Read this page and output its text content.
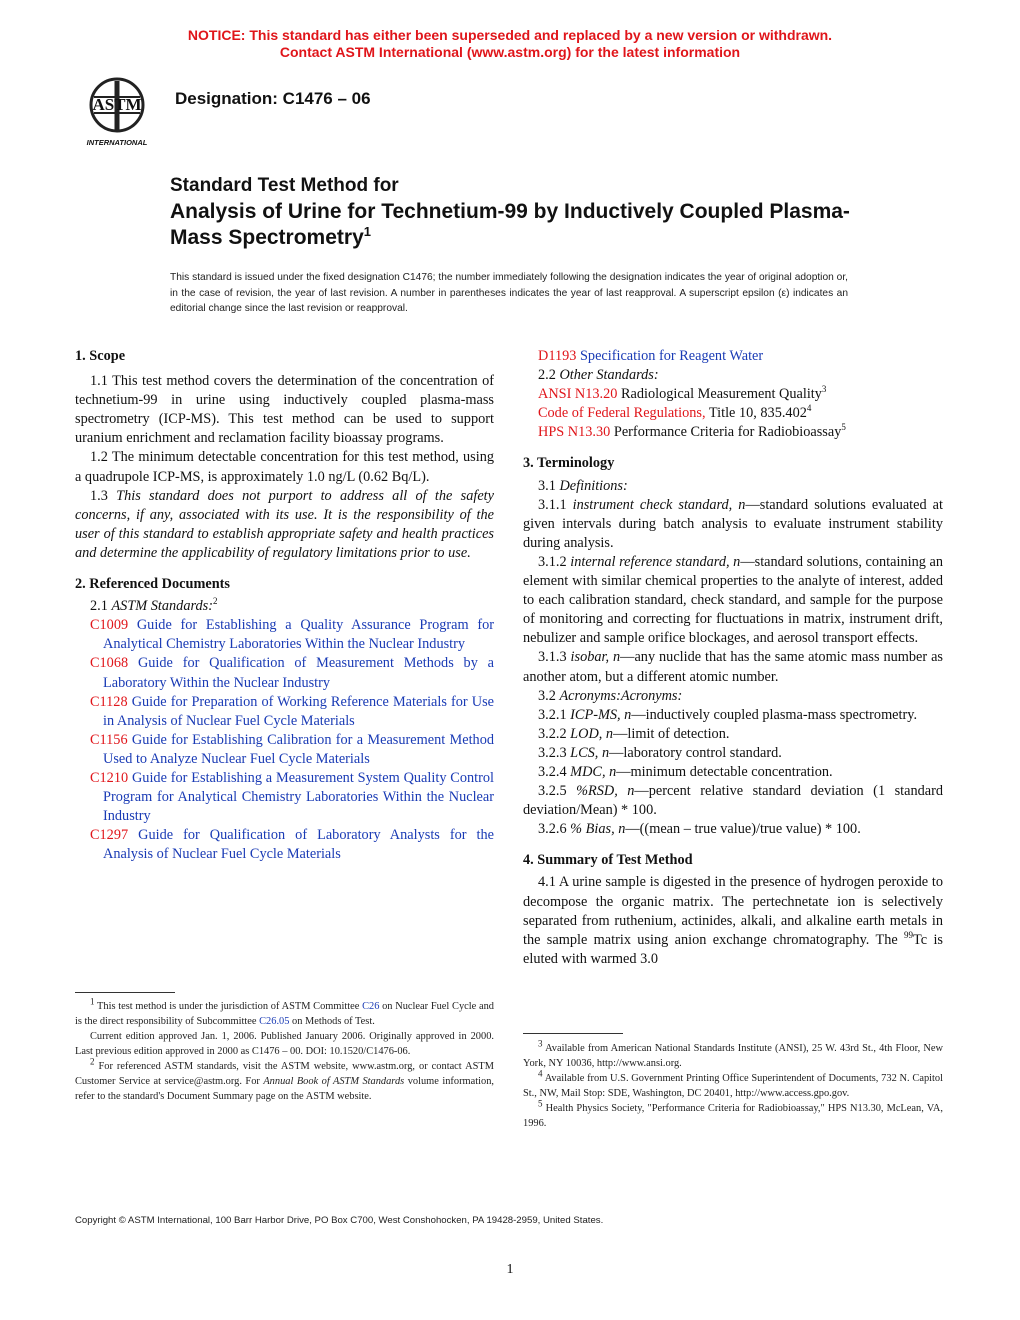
NOTICE: This standard has either been superseded and replaced by a new version or withdrawn.
Contact ASTM International (www.astm.org) for the latest information
ASTM
INTERNATIONAL
Designation: C1476 – 06
Standard Test Method for
Analysis of Urine for Technetium-99 by Inductively Coupled Plasma-Mass Spectrometry$^1$
This standard is issued under the fixed designation C1476; the number immediately following the designation indicates the year of original adoption or, in the case of revision, the year of last revision. A number in parentheses indicates the year of last reapproval. A superscript epsilon (ε) indicates an editorial change since the last revision or reapproval.
1. Scope

1.1 This test method covers the determination of the concentration of technetium-99 in urine using inductively coupled plasma-mass spectrometry (ICP-MS). This test method can be used to support uranium enrichment and reclamation facility bioassay programs.

1.2 The minimum detectable concentration for this test method, using a quadrupole ICP-MS, is approximately 1.0 ng/L (0.62 Bq/L).

1.3 This standard does not purport to address all of the safety concerns, if any, associated with its use. It is the responsibility of the user of this standard to establish appropriate safety and health practices and determine the applicability of regulatory limitations prior to use.

2. Referenced Documents

2.1 ASTM Standards:$^2$

C1009 Guide for Establishing a Quality Assurance Program for Analytical Chemistry Laboratories Within the Nuclear Industry

C1068 Guide for Qualification of Measurement Methods by a Laboratory Within the Nuclear Industry

C1128 Guide for Preparation of Working Reference Materials for Use in Analysis of Nuclear Fuel Cycle Materials

C1156 Guide for Establishing Calibration for a Measurement Method Used to Analyze Nuclear Fuel Cycle Materials

C1210 Guide for Establishing a Measurement System Quality Control Program for Analytical Chemistry Laboratories Within the Nuclear Industry

C1297 Guide for Qualification of Laboratory Analysts for the Analysis of Nuclear Fuel Cycle Materials

$^1$ This test method is under the jurisdiction of ASTM Committee C26 on Nuclear Fuel Cycle and is the direct responsibility of Subcommittee C26.05 on Methods of Test.
Current edition approved Jan. 1, 2006. Published January 2006. Originally approved in 2000. Last previous edition approved in 2000 as C1476 – 00. DOI: 10.1520/C1476-06.
$^2$ For referenced ASTM standards, visit the ASTM website, www.astm.org, or contact ASTM Customer Service at service@astm.org. For Annual Book of ASTM Standards volume information, refer to the standard's Document Summary page on the ASTM website.

D1193 Specification for Reagent Water

2.2 Other Standards:

ANSI N13.20 Radiological Measurement Quality$^3$

Code of Federal Regulations, Title 10, 835.402$^4$

HPS N13.30 Performance Criteria for Radiobioassay$^5$

3. Terminology

3.1 Definitions:

3.1.1 instrument check standard, n—standard solutions evaluated at given intervals during batch analysis to evaluate instrument stability during analysis.

3.1.2 internal reference standard, n—standard solutions, containing an element with similar chemical properties to the analyte of interest, added to each calibration standard, check standard, and sample for the purpose of monitoring and correcting for fluctuations in matrix, instrument drift, nebulizer and sample orifice blockages, and aerosol transport effects.

3.1.3 isobar, n—any nuclide that has the same atomic mass number as another atom, but a different atomic number.

3.2 Acronyms:Acronyms:

3.2.1 ICP-MS, n—inductively coupled plasma-mass spectrometry.

3.2.2 LOD, n—limit of detection.

3.2.3 LCS, n—laboratory control standard.

3.2.4 MDC, n—minimum detectable concentration.

3.2.5 %RSD, n—percent relative standard deviation (1 standard deviation/Mean) * 100.

3.2.6 % Bias, n—((mean – true value)/true value) * 100.

4. Summary of Test Method

4.1 A urine sample is digested in the presence of hydrogen peroxide to decompose the organic matrix. The pertechnetate ion is selectively separated from ruthenium, actinides, alkali, and alkaline earth metals in the sample matrix using anion exchange chromatography. The $^{99}$Tc is eluted with warmed 3.0

$^3$ Available from American National Standards Institute (ANSI), 25 W. 43rd St., 4th Floor, New York, NY 10036, http://www.ansi.org.
$^4$ Available from U.S. Government Printing Office Superintendent of Documents, 732 N. Capitol St., NW, Mail Stop: SDE, Washington, DC 20401, http://www.access.gpo.gov.
$^5$ Health Physics Society, "Performance Criteria for Radiobioassay," HPS N13.30, McLean, VA, 1996.
Copyright © ASTM International, 100 Barr Harbor Drive, PO Box C700, West Conshohocken, PA 19428-2959, United States.
1
